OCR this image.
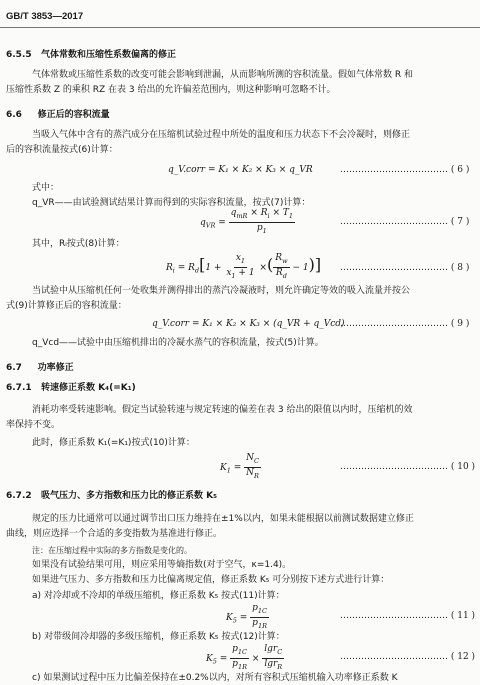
GB/T 3853—2017
6.5.5 气体常数和压缩性系数偏离的修正
气体常数或压缩性系数的改变可能会影响到泄漏，从而影响所测的容积流量。假如气体常数 R 和
压缩性系数 Z 的乘积 RZ 在表 3 给出的允许偏差范围内，则这种影响可忽略不计。
6.6 修正后的容积流量
当吸入气体中含有的蒸汽成分在压缩机试验过程中所处的温度和压力状态下不会冷凝时，则修正
后的容积流量按式(6)计算：
q_V.corr = K₁ × K₂ × K₃ × q_VR	……………………………… ( 6 )
式中：
q_VR——由试验测试结果计算而得到的实际容积流量，按式(7)计算：
$q_{VR} = \frac{q_{mR} \times R_i \times T_1}{p_1}$	……………………………… ( 7 )
其中，Rᵢ按式(8)计算：
$R_i = R_d[1 + \frac{x_1}{x_1 + 1}$ ×( $\frac{R_w}{R_d} - 1$)] ……………………………… ( 8 )
当试验中从压缩机任何一处收集并测得排出的蒸汽冷凝液时，则允许确定等效的吸入流量并按公
式(9)计算修正后的容积流量：
q_V.corr = K₁ × K₂ × K₃ × (q_VR + q_Vcd)
……………………………… ( 9 )
q_Vcd——试验中由压缩机排出的冷凝水蒸气的容积流量，按式(5)计算。
6.7 功率修正
6.7.1 转速修正系数 K₄(=K₁)
消耗功率受转速影响。假定当试验转速与规定转速的偏差在表 3 给出的限值以内时，压缩机的效
率保持不变。
此时，修正系数 K₁(=K₁)按式(10)计算：
$K_1 = \frac{N_C}{N_R}$	……………………………… ( 10 )
6.7.2 吸气压力、多方指数和压力比的修正系数 K₅
规定的压力比通常可以通过调节出口压力维持在±1%以内，如果未能根据以前测试数据建立修正
曲线，则应选择一个合适的多变指数为基准进行修正。
注：在压缩过程中实际的多方指数是变化的。
如果没有试验结果可用，则应采用等熵指数(对于空气，κ=1.4)。
如果进气压力、多方指数和压力比偏离规定值，修正系数 K₅ 可分别按下述方式进行计算：
a) 对冷却或不冷却的单级压缩机，修正系数 K₅ 按式(11)计算：
$K_5 = \frac{p_{1C}}{p_{1R}}$	……………………………… ( 11 )
b) 对带级间冷却器的多级压缩机，修正系数 K₅ 按式(12)计算：
$K_5 = \frac{p_{1C}}{p_{1R}} \times \frac{\lg r_C}{\lg r_R}$	……………………………… ( 12 )
c) 如果测试过程中压力比偏差保持在±0.2%以内，对所有容积式压缩机输入功率修正系数 K
